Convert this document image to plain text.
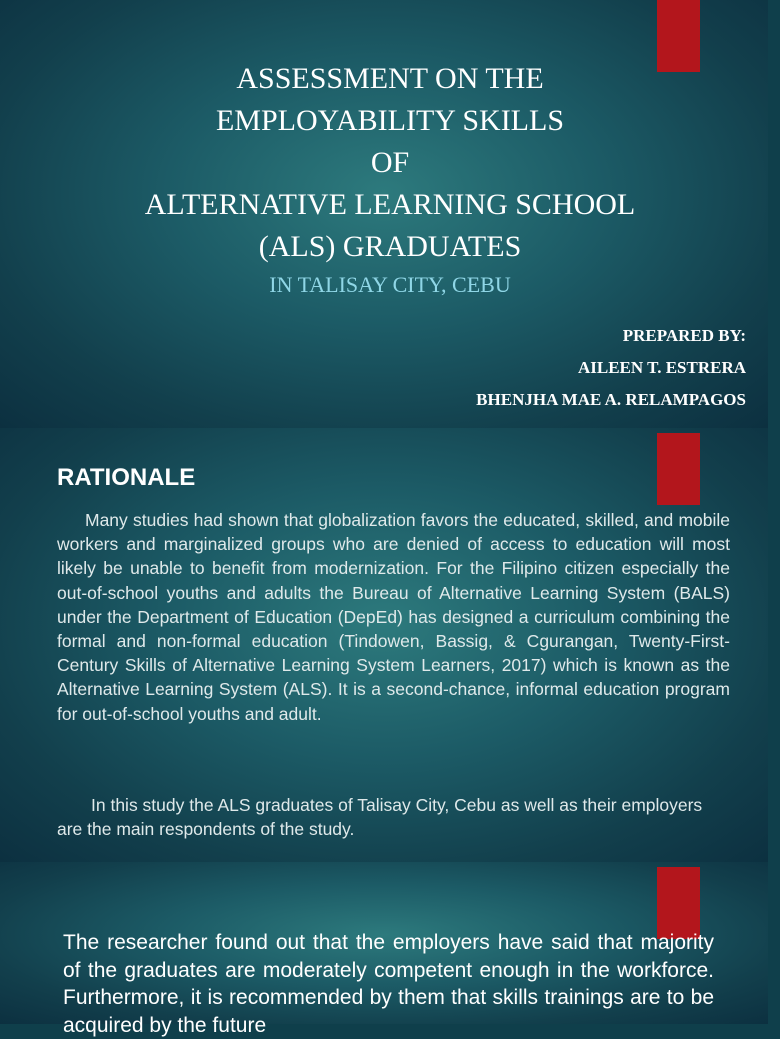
ASSESSMENT ON THE
EMPLOYABILITY SKILLS
OF
ALTERNATIVE LEARNING SCHOOL
(ALS) GRADUATES

IN TALISAY CITY, CEBU

PREPARED BY:
AILEEN T. ESTRERA
BHENJHA MAE A. RELAMPAGOS
RATIONALE

Many studies had shown that globalization favors the educated, skilled, and mobile workers and marginalized groups who are denied of access to education will most likely be unable to benefit from modernization. For the Filipino citizen especially the out-of-school youths and adults the Bureau of Alternative Learning System (BALS) under the Department of Education (DepEd) has designed a curriculum combining the formal and non-formal education (Tindowen, Bassig, & Cgurangan, Twenty-First-Century Skills of Alternative Learning System Learners, 2017) which is known as the Alternative Learning System (ALS). It is a second-chance, informal education program for out-of-school youths and adult.

In this study the ALS graduates of Talisay City, Cebu as well as their employers are the main respondents of the study.

The researcher found out that the employers have said that majority of the graduates are moderately competent enough in the workforce. Furthermore, it is recommended by them that skills trainings are to be acquired by the future
